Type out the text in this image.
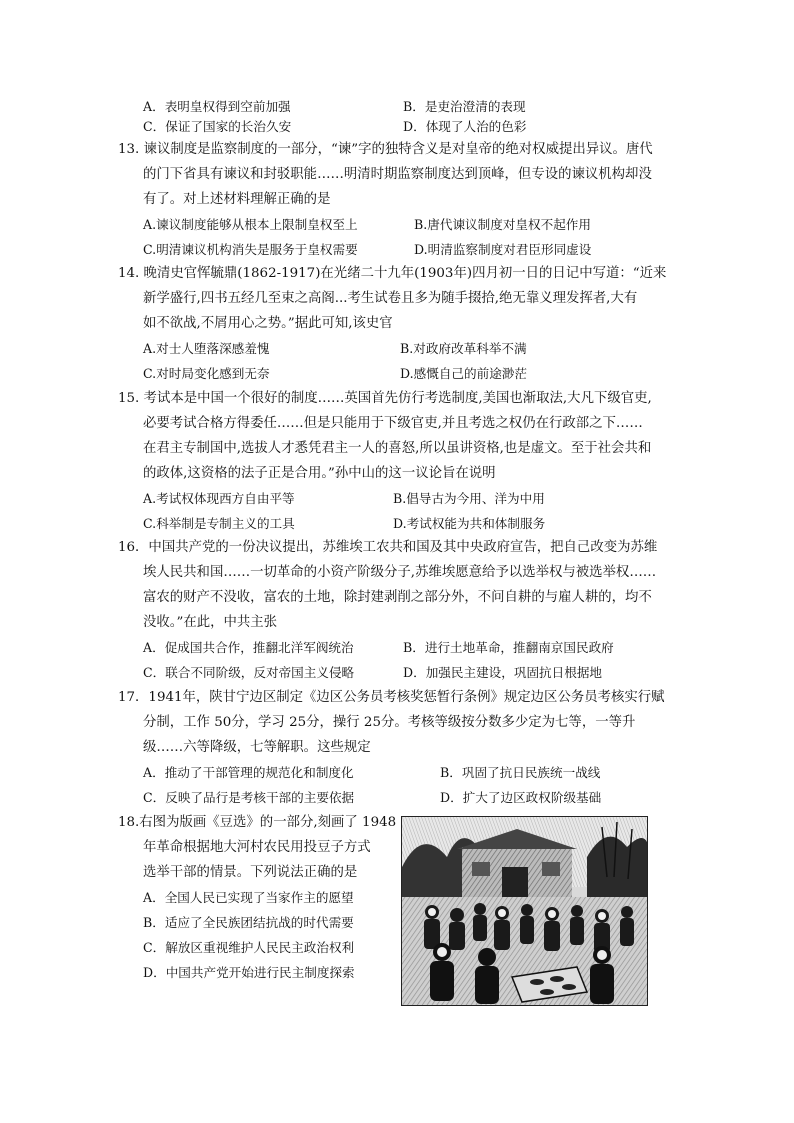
A．表明皇权得到空前加强	B．是吏治澄清的表现
C．保证了国家的长治久安	D．体现了人治的色彩
13. 谏议制度是监察制度的一部分，“谏”字的独特含义是对皇帝的绝对权威提出异议。唐代
的门下省具有谏议和封驳职能……明清时期监察制度达到顶峰，但专设的谏议机构却没
有了。对上述材料理解正确的是
A.谏议制度能够从根本上限制皇权至上	B.唐代谏议制度对皇权不起作用
C.明清谏议机构消失是服务于皇权需要	D.明清监察制度对君臣形同虚设
14. 晚清史官恽毓鼎(1862-1917)在光绪二十九年(1903年)四月初一日的日记中写道：“近来
新学盛行,四书五经几至束之高阁...考生试卷且多为随手掇拾,绝无靠义理发挥者,大有
如不欲战,不屑用心之势。”据此可知,该史官
A.对士人堕落深感羞愧	B.对政府改革科举不满
C.对时局变化感到无奈	D.感慨自己的前途渺茫
15. 考试本是中国一个很好的制度……英国首先仿行考选制度,美国也渐取法,大凡下级官吏,
必要考试合格方得委任……但是只能用于下级官吏,并且考选之权仍在行政部之下……
在君主专制国中,选拔人才悉凭君主一人的喜怒,所以虽讲资格,也是虚文。至于社会共和
的政体,这资格的法子正是合用。”孙中山的这一议论旨在说明
A.考试权体现西方自由平等	B.倡导古为今用、洋为中用
C.科举制是专制主义的工具	D.考试权能为共和体制服务
16．中国共产党的一份决议提出，苏维埃工农共和国及其中央政府宣告，把自己改变为苏维
埃人民共和国……一切革命的小资产阶级分子,苏维埃愿意给予以选举权与被选举权……
富农的财产不没收，富农的土地，除封建剥削之部分外，不问自耕的与雇人耕的，均不
没收。”在此，中共主张
A．促成国共合作，推翻北洋军阀统治	B．进行土地革命，推翻南京国民政府
C．联合不同阶级，反对帝国主义侵略	D．加强民主建设，巩固抗日根据地
17．1941年，陕甘宁边区制定《边区公务员考核奖惩暂行条例》规定边区公务员考核实行赋
分制，工作 50分，学习 25分，操行 25分。考核等级按分数多少定为七等，一等升
级……六等降级，七等解职。这些规定
A．推动了干部管理的规范化和制度化	B．巩固了抗日民族统一战线
C．反映了品行是考核干部的主要依据	D．扩大了边区政权阶级基础
18.右图为版画《豆选》的一部分,刻画了 1948
年革命根据地大河村农民用投豆子方式
选举干部的情景。下列说法正确的是
A．全国人民已实现了当家作主的愿望
B．适应了全民族团结抗战的时代需要
C．解放区重视维护人民民主政治权利
D．中国共产党开始进行民主制度探索
